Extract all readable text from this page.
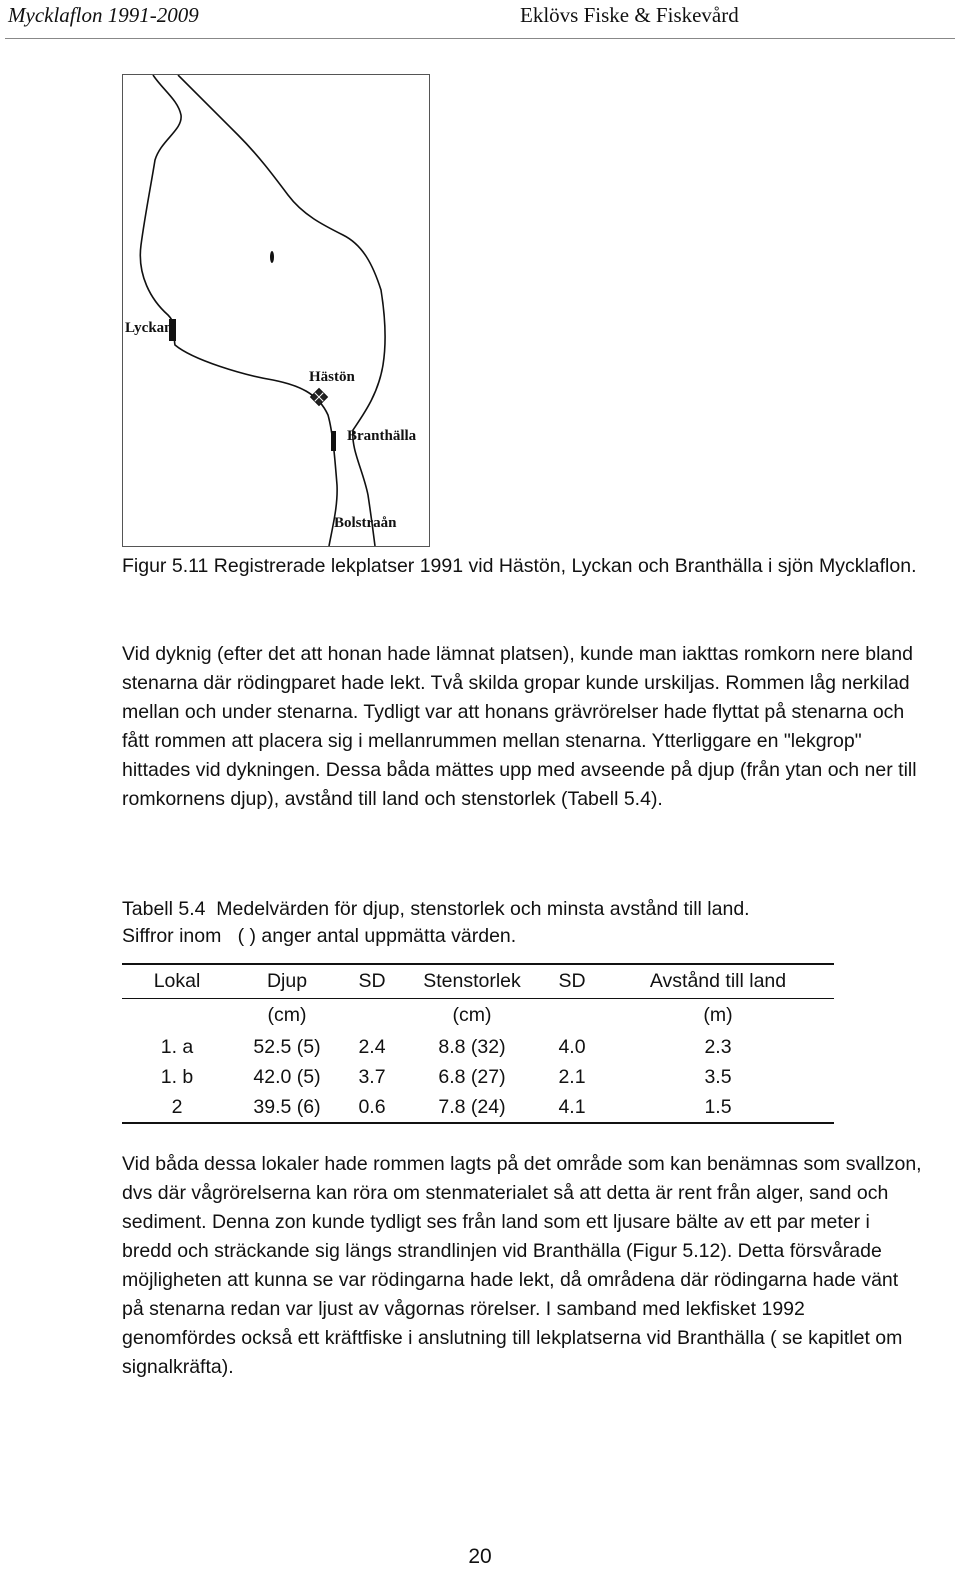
Mycklaflon 1991-2009	Eklövs Fiske & Fiskevård
Lyckan
Hästön
Branthälla
Bolstraån
Figur 5.11 Registrerade lekplatser 1991 vid Hästön, Lyckan och Branthälla i sjön Mycklaflon.
Vid dyknig (efter det att honan hade lämnat platsen), kunde man iakttas romkorn nere bland stenarna där rödingparet hade lekt. Två skilda gropar kunde urskiljas. Rommen låg nerkilad mellan och under stenarna. Tydligt var att honans grävrörelser hade flyttat på stenarna och fått rommen att placera sig i mellanrummen mellan stenarna. Ytterliggare en "lekgrop" hittades vid dykningen. Dessa båda mättes upp med avseende på djup (från ytan och ner till romkornens djup), avstånd till land och stenstorlek (Tabell 5.4).
Tabell 5.4  Medelvärden för djup, stenstorlek och minsta avstånd till land.
Siffror inom   ( ) anger antal uppmätta värden.
Lokal	Djup	SD	Stenstorlek	SD	Avstånd till land
	(cm)		(cm)		(m)
1. a	52.5 (5)	2.4	8.8 (32)	4.0	2.3
1. b	42.0 (5)	3.7	6.8 (27)	2.1	3.5
2	39.5 (6)	0.6	7.8 (24)	4.1	1.5
Vid båda dessa lokaler hade rommen lagts på det område som kan benämnas som svallzon, dvs där vågrörelserna kan röra om stenmaterialet så att detta är rent från alger, sand och sediment. Denna zon kunde tydligt ses från land som ett ljusare bälte av ett par meter i bredd och sträckande sig längs strandlinjen vid Branthälla (Figur 5.12). Detta försvårade möjligheten att kunna se var rödingarna hade lekt, då områdena där rödingarna hade vänt på stenarna redan var ljust av vågornas rörelser. I samband med lekfisket 1992 genomfördes också ett kräftfiske i anslutning till lekplatserna vid Branthälla ( se kapitlet om signalkräfta).
20
